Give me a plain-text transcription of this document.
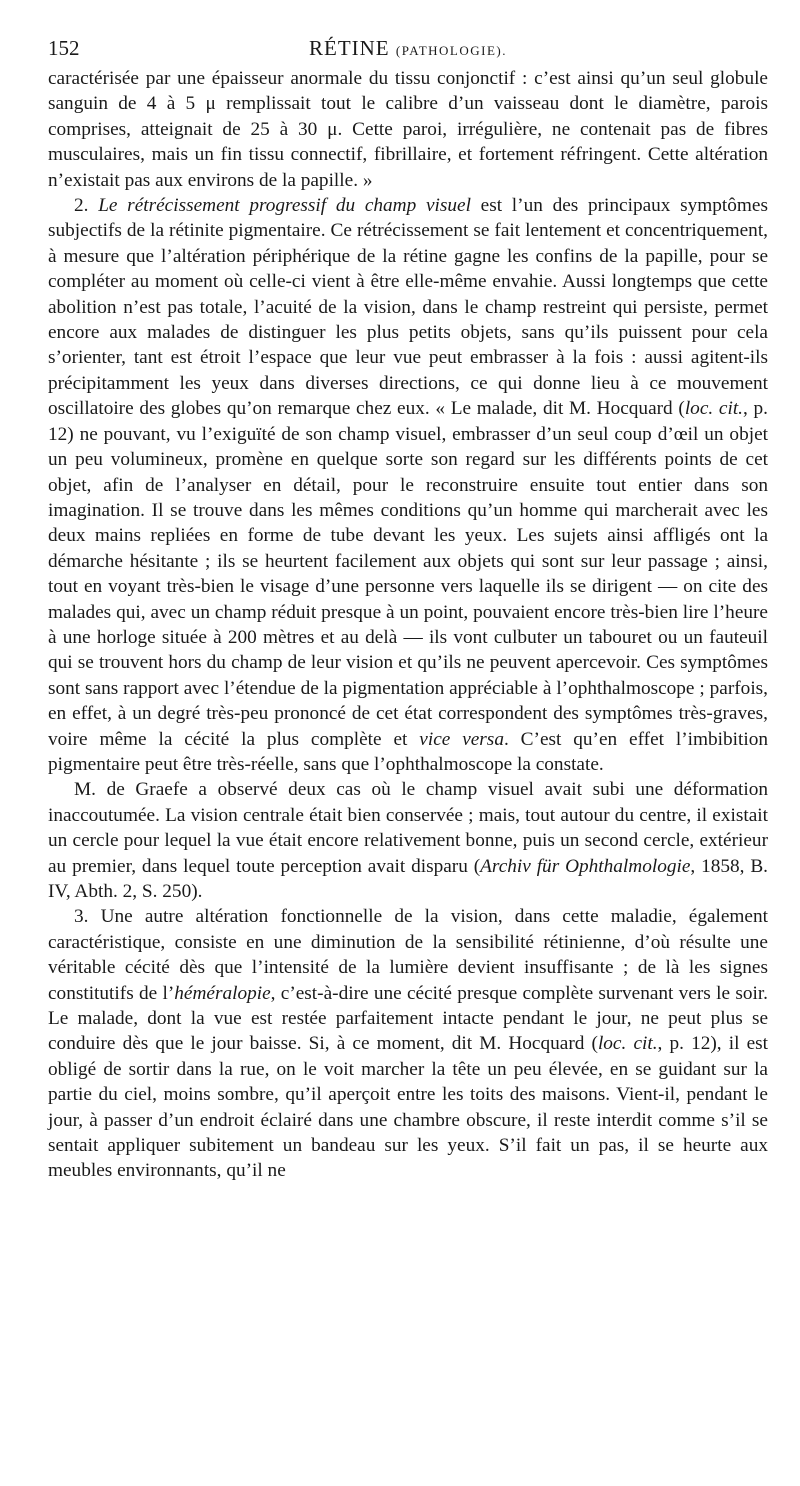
152	RÉTINE (PATHOLOGIE).

caractérisée par une épaisseur anormale du tissu conjonctif : c’est ainsi qu’un seul globule sanguin de 4 à 5 μ remplissait tout le calibre d’un vaisseau dont le diamètre, parois comprises, atteignait de 25 à 30 μ. Cette paroi, irrégulière, ne contenait pas de fibres musculaires, mais un fin tissu connectif, fibrillaire, et fortement réfringent. Cette altération n’existait pas aux environs de la papille. »

2. Le rétrécissement progressif du champ visuel est l’un des principaux symptômes subjectifs de la rétinite pigmentaire. Ce rétrécissement se fait lentement et concentriquement, à mesure que l’altération périphérique de la rétine gagne les confins de la papille, pour se compléter au moment où celle-ci vient à être elle-même envahie. Aussi longtemps que cette abolition n’est pas totale, l’acuité de la vision, dans le champ restreint qui persiste, permet encore aux malades de distinguer les plus petits objets, sans qu’ils puissent pour cela s’orienter, tant est étroit l’espace que leur vue peut embrasser à la fois : aussi agitent-ils précipitamment les yeux dans diverses directions, ce qui donne lieu à ce mouvement oscillatoire des globes qu’on remarque chez eux. « Le malade, dit M. Hocquard (loc. cit., p. 12) ne pouvant, vu l’exiguïté de son champ visuel, embrasser d’un seul coup d’œil un objet un peu volumineux, promène en quelque sorte son regard sur les différents points de cet objet, afin de l’analyser en détail, pour le reconstruire ensuite tout entier dans son imagination. Il se trouve dans les mêmes conditions qu’un homme qui marcherait avec les deux mains repliées en forme de tube devant les yeux. Les sujets ainsi affligés ont la démarche hésitante ; ils se heurtent facilement aux objets qui sont sur leur passage ; ainsi, tout en voyant très-bien le visage d’une personne vers laquelle ils se dirigent — on cite des malades qui, avec un champ réduit presque à un point, pouvaient encore très-bien lire l’heure à une horloge située à 200 mètres et au delà — ils vont culbuter un tabouret ou un fauteuil qui se trouvent hors du champ de leur vision et qu’ils ne peuvent apercevoir. Ces symptômes sont sans rapport avec l’étendue de la pigmentation appréciable à l’ophthalmoscope ; parfois, en effet, à un degré très-peu prononcé de cet état correspondent des symptômes très-graves, voire même la cécité la plus complète et vice versa. C’est qu’en effet l’imbibition pigmentaire peut être très-réelle, sans que l’ophthalmoscope la constate.

M. de Graefe a observé deux cas où le champ visuel avait subi une déformation inaccoutumée. La vision centrale était bien conservée ; mais, tout autour du centre, il existait un cercle pour lequel la vue était encore relativement bonne, puis un second cercle, extérieur au premier, dans lequel toute perception avait disparu (Archiv für Ophthalmologie, 1858, B. IV, Abth. 2, S. 250).

3. Une autre altération fonctionnelle de la vision, dans cette maladie, également caractéristique, consiste en une diminution de la sensibilité rétinienne, d’où résulte une véritable cécité dès que l’intensité de la lumière devient insuffisante ; de là les signes constitutifs de l’héméralopie, c’est-à-dire une cécité presque complète survenant vers le soir. Le malade, dont la vue est restée parfaitement intacte pendant le jour, ne peut plus se conduire dès que le jour baisse. Si, à ce moment, dit M. Hocquard (loc. cit., p. 12), il est obligé de sortir dans la rue, on le voit marcher la tête un peu élevée, en se guidant sur la partie du ciel, moins sombre, qu’il aperçoit entre les toits des maisons. Vient-il, pendant le jour, à passer d’un endroit éclairé dans une chambre obscure, il reste interdit comme s’il se sentait appliquer subitement un bandeau sur les yeux. S’il fait un pas, il se heurte aux meubles environnants, qu’il ne
